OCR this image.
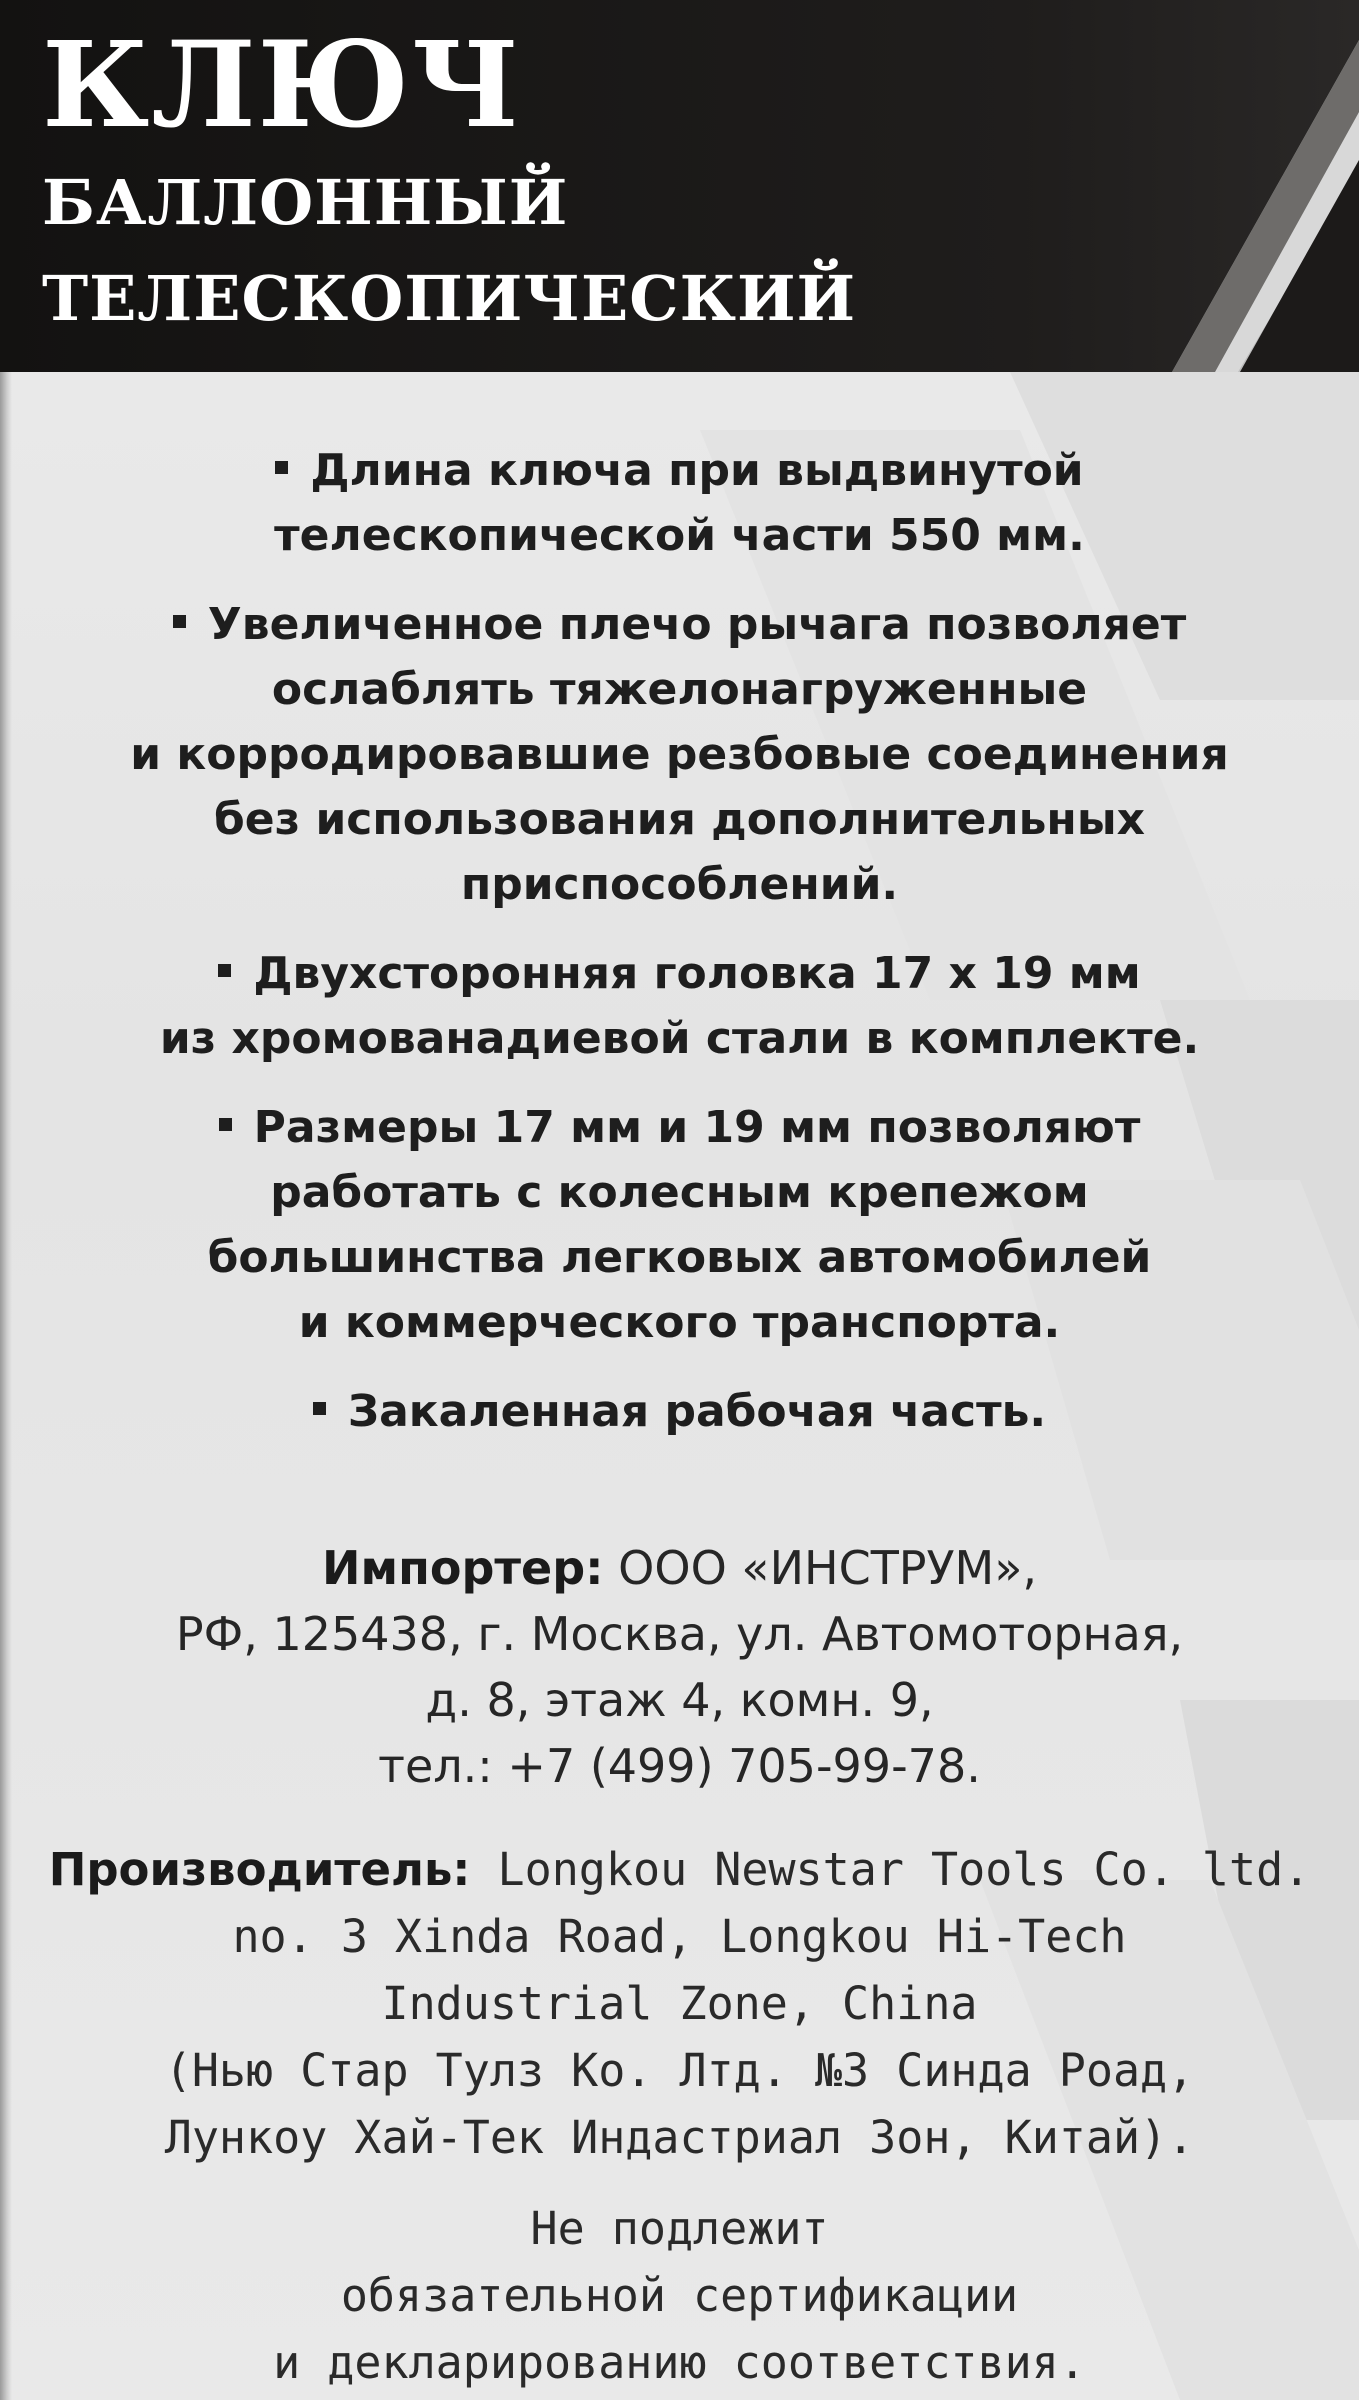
КЛЮЧ
БАЛЛОННЫЙ
ТЕЛЕСКОПИЧЕСКИЙ
Длина ключа при выдвинутой
телескопической части 550 мм.
Увеличенное плечо рычага позволяет
ослаблять тяжелонагруженные
и корродировавшие резбовые соединения
без использования дополнительных
приспособлений.
Двухсторонняя головка 17 х 19 мм
из хромованадиевой стали в комплекте.
Размеры 17 мм и 19 мм позволяют
работать с колесным крепежом
большинства легковых автомобилей
и коммерческого транспорта.
Закаленная рабочая часть.
Импортер: ООО «ИНСТРУМ»,
РФ, 125438, г. Москва, ул. Автомоторная,
д. 8, этаж 4, комн. 9,
тел.: +7 (499) 705-99-78.
Производитель: Longkou Newstar Tools Co. ltd.
no. 3 Xinda Road, Longkou Hi-Tech
Industrial Zone, China
(Нью Стар Тулз Ко. Лтд. №3 Синда Роад,
Лункоу Хай-Тек Индастриал Зон, Китай).
Не подлежит
обязательной сертификации
и декларированию соответствия.
